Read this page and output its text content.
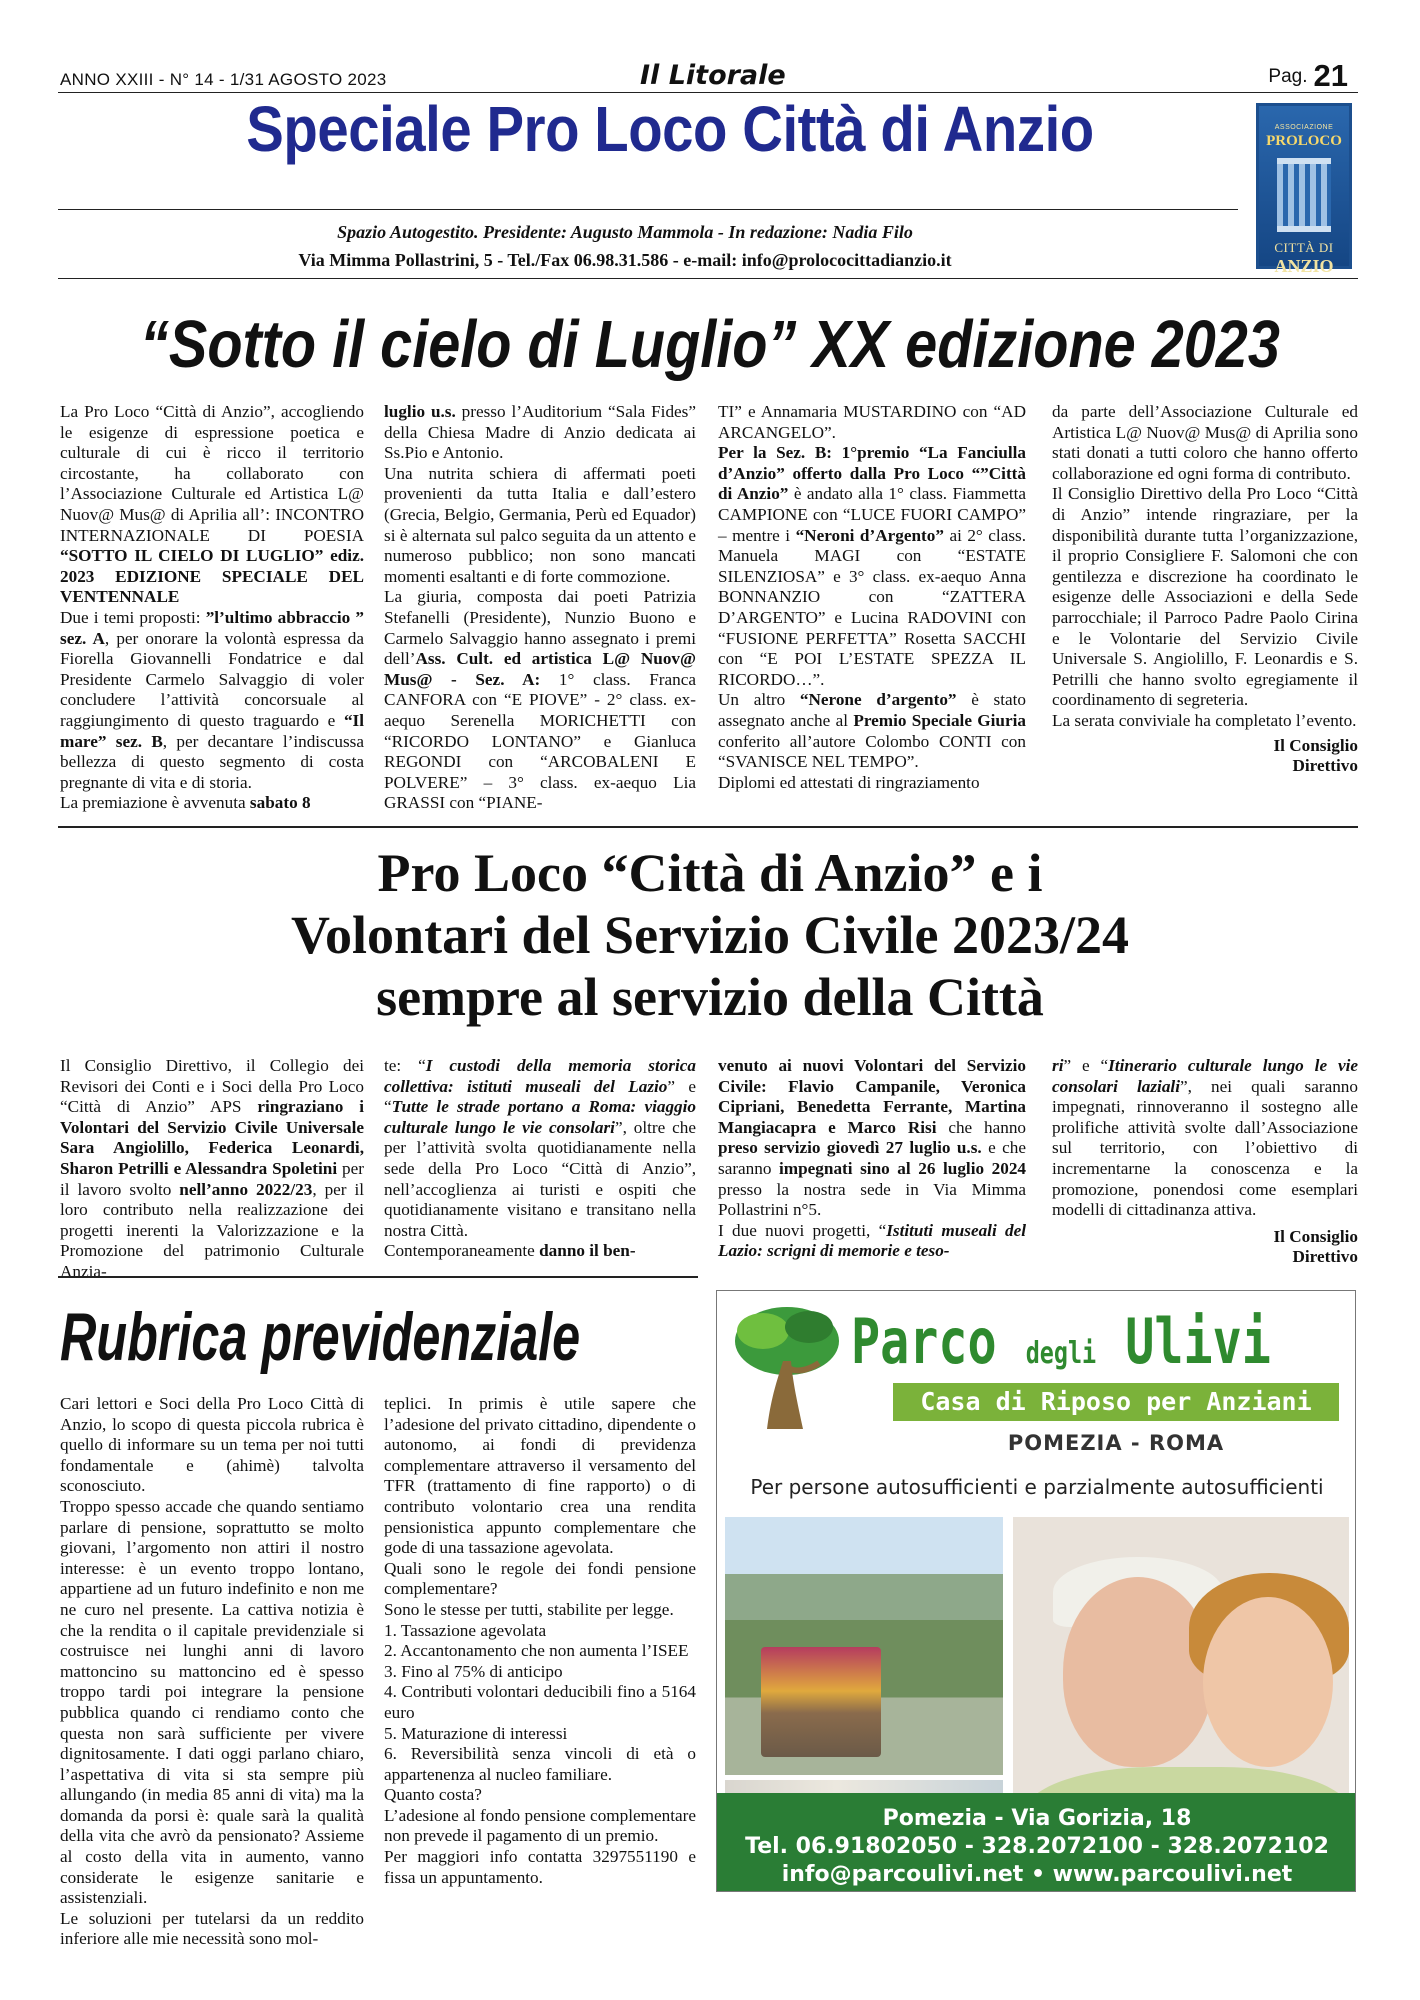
ANNO XXIII - N° 14 - 1/31 AGOSTO 2023	Il Litorale	Pag. 21
Speciale Pro Loco Città di Anzio	ASSOCIAZIONE
PROLOCO
CITTÀ DI
ANZIO
Spazio Autogestito. Presidente: Augusto Mammola - In redazione: Nadia Filo
Via Mimma Pollastrini, 5 - Tel./Fax 06.98.31.586 - e-mail: info@prolococittadianzio.it
“Sotto il cielo di Luglio” XX edizione 2023

La Pro Loco “Città di Anzio”, accogliendo le esigenze di espressione poetica e culturale di cui è ricco il territorio circostante, ha collaborato con l’Associazione Culturale ed Artistica L@ Nuov@ Mus@ di Aprilia all’: INCONTRO INTERNAZIONALE DI POESIA “SOTTO IL CIELO DI LUGLIO” ediz. 2023 EDIZIONE SPECIALE DEL VENTENNALE

Due i temi proposti: ”l’ultimo abbraccio ” sez. A, per onorare la volontà espressa da Fiorella Giovannelli Fondatrice e dal Presidente Carmelo Salvaggio di voler concludere l’attività concorsuale al raggiungimento di questo traguardo e “Il mare” sez. B, per decantare l’indiscussa bellezza di questo segmento di costa pregnante di vita e di storia.

La premiazione è avvenuta sabato 8

luglio u.s. presso l’Auditorium “Sala Fides” della Chiesa Madre di Anzio dedicata ai Ss.Pio e Antonio.

Una nutrita schiera di affermati poeti provenienti da tutta Italia e dall’estero (Grecia, Belgio, Germania, Perù ed Equador) si è alternata sul palco seguita da un attento e numeroso pubblico; non sono mancati momenti esaltanti e di forte commozione.

La giuria, composta dai poeti Patrizia Stefanelli (Presidente), Nunzio Buono e Carmelo Salvaggio hanno assegnato i premi dell’Ass. Cult. ed artistica L@ Nuov@ Mus@ - Sez. A: 1° class. Franca CANFORA con “E PIOVE” - 2° class. ex-aequo Serenella MORICHETTI con “RICORDO LONTANO” e Gianluca REGONDI con “ARCOBALENI E POLVERE” – 3° class. ex-aequo Lia GRASSI con “PIANE-

TI” e Annamaria MUSTARDINO con “AD ARCANGELO”.

Per la Sez. B: 1°premio “La Fanciulla d’Anzio” offerto dalla Pro Loco “”Città di Anzio” è andato alla 1° class. Fiammetta CAMPIONE con “LUCE FUORI CAMPO” – mentre i “Neroni d’Argento” ai 2° class. Manuela MAGI con “ESTATE SILENZIOSA” e 3° class. ex-aequo Anna BONNANZIO con “ZATTERA D’ARGENTO” e Lucina RADOVINI con “FUSIONE PERFETTA” Rosetta SACCHI con “E POI L’ESTATE SPEZZA IL RICORDO…”.

Un altro “Nerone d’argento” è stato assegnato anche al Premio Speciale Giuria conferito all’autore Colombo CONTI con “SVANISCE NEL TEMPO”.

Diplomi ed attestati di ringraziamento

da parte dell’Associazione Culturale ed Artistica L@ Nuov@ Mus@ di Aprilia sono stati donati a tutti coloro che hanno offerto collaborazione ed ogni forma di contributo.

Il Consiglio Direttivo della Pro Loco “Città di Anzio” intende ringraziare, per la disponibilità durante tutta l’organizzazione, il proprio Consigliere F. Salomoni che con gentilezza e discrezione ha coordinato le esigenze delle Associazioni e della Sede parrocchiale; il Parroco Padre Paolo Cirina e le Volontarie del Servizio Civile Universale S. Angiolillo, F. Leonardis e S. Petrilli che hanno svolto egregiamente il coordinamento di segreteria.

La serata conviviale ha completato l’evento.

Il Consiglio
Direttivo

Pro Loco “Città di Anzio” e i
Volontari del Servizio Civile 2023/24
sempre al servizio della Città

Il Consiglio Direttivo, il Collegio dei Revisori dei Conti e i Soci della Pro Loco “Città di Anzio” APS ringraziano i Volontari del Servizio Civile Universale Sara Angiolillo, Federica Leonardi, Sharon Petrilli e Alessandra Spoletini per il lavoro svolto nell’anno 2022/23, per il loro contributo nella realizzazione dei progetti inerenti la Valorizzazione e la Promozione del patrimonio Culturale Anzia-

te: “I custodi della memoria storica collettiva: istituti museali del Lazio” e “Tutte le strade portano a Roma: viaggio culturale lungo le vie consolari”, oltre che per l’attività svolta quotidianamente nella sede della Pro Loco “Città di Anzio”, nell’accoglienza ai turisti e ospiti che quotidianamente visitano e transitano nella nostra Città.

Contemporaneamente danno il ben-

venuto ai nuovi Volontari del Servizio Civile: Flavio Campanile, Veronica Cipriani, Benedetta Ferrante, Martina Mangiacapra e Marco Risi che hanno preso servizio giovedì 27 luglio u.s. e che saranno impegnati sino al 26 luglio 2024 presso la nostra sede in Via Mimma Pollastrini n°5.

I due nuovi progetti, “Istituti museali del Lazio: scrigni di memorie e teso-

ri” e “Itinerario culturale lungo le vie consolari laziali”, nei quali saranno impegnati, rinnoveranno il sostegno alle prolifiche attività svolte dall’Associazione sul territorio, con l’obiettivo di incrementarne la conoscenza e la promozione, ponendosi come esemplari modelli di cittadinanza attiva.

Il Consiglio
Direttivo

Rubrica previdenziale

Cari lettori e Soci della Pro Loco Città di Anzio, lo scopo di questa piccola rubrica è quello di informare su un tema per noi tutti fondamentale e (ahimè) talvolta sconosciuto.

Troppo spesso accade che quando sentiamo parlare di pensione, soprattutto se molto giovani, l’argomento non attiri il nostro interesse: è un evento troppo lontano, appartiene ad un futuro indefinito e non me ne curo nel presente. La cattiva notizia è che la rendita o il capitale previdenziale si costruisce nei lunghi anni di lavoro mattoncino su mattoncino ed è spesso troppo tardi poi integrare la pensione pubblica quando ci rendiamo conto che questa non sarà sufficiente per vivere dignitosamente. I dati oggi parlano chiaro, l’aspettativa di vita si sta sempre più allungando (in media 85 anni di vita) ma la domanda da porsi è: quale sarà la qualità della vita che avrò da pensionato? Assieme al costo della vita in aumento, vanno considerate le esigenze sanitarie e assistenziali.

Le soluzioni per tutelarsi da un reddito inferiore alle mie necessità sono mol-

teplici. In primis è utile sapere che l’adesione del privato cittadino, dipendente o autonomo, ai fondi di previdenza complementare attraverso il versamento del TFR (trattamento di fine rapporto) o di contributo volontario crea una rendita pensionistica appunto complementare che gode di una tassazione agevolata.

Quali sono le regole dei fondi pensione complementare?

Sono le stesse per tutti, stabilite per legge.

1. Tassazione agevolata

2. Accantonamento che non aumenta l’ISEE

3. Fino al 75% di anticipo

4. Contributi volontari deducibili fino a 5164 euro

5. Maturazione di interessi

6. Reversibilità senza vincoli di età o appartenenza al nucleo familiare.

Quanto costa?

L’adesione al fondo pensione complementare non prevede il pagamento di un premio.

Per maggiori info contatta 3297551190 e fissa un appuntamento.

Parco degli Ulivi
Casa di Riposo per Anziani
POMEZIA - ROMA
Per persone autosufficienti e parzialmente autosufficienti
Pomezia - Via Gorizia, 18
Tel. 06.91802050 - 328.2072100 - 328.2072102
info@parcoulivi.net • www.parcoulivi.net
